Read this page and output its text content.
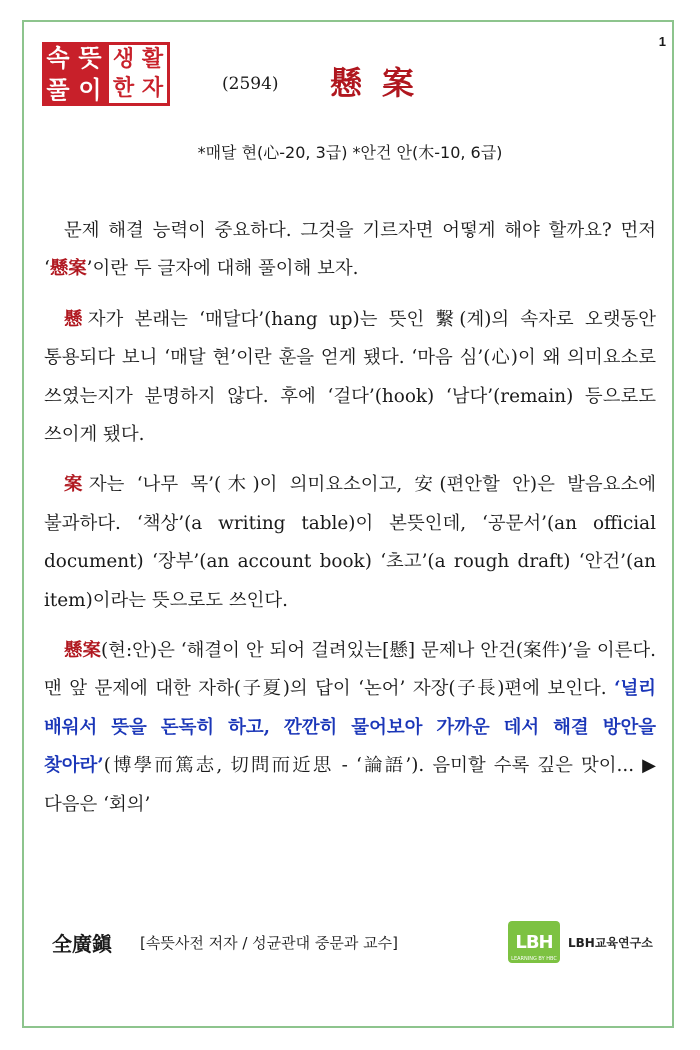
1
속 뜻
풀 이
생 활
한 자	(2594) 懸案
*매달 현(心-20, 3급) *안건 안(木-10, 6급)

문제 해결 능력이 중요하다. 그것을 기르자면 어떻게 해야 할까요? 먼저 ‘懸案’이란 두 글자에 대해 풀이해 보자.

懸자가 본래는 ‘매달다’(hang up)는 뜻인 繫(계)의 속자로 오랫동안 통용되다 보니 ‘매달 현’이란 훈을 얻게 됐다. ‘마음 심’(心)이 왜 의미요소로 쓰였는지가 분명하지 않다. 후에 ‘걸다’(hook) ‘남다’(remain) 등으로도 쓰이게 됐다.

案자는 ‘나무 목’(木)이 의미요소이고, 安(편안할 안)은 발음요소에 불과하다. ‘책상’(a writing table)이 본뜻인데, ‘공문서’(an official document) ‘장부’(an account book) ‘초고’(a rough draft) ‘안건’(an item)이라는 뜻으로도 쓰인다.

懸案(현:안)은 ‘해결이 안 되어 걸려있는[懸] 문제나 안건(案件)’을 이른다. 맨 앞 문제에 대한 자하(子夏)의 답이 ‘논어’ 자장(子長)편에 보인다. ‘널리 배워서 뜻을 돈독히 하고, 깐깐히 물어보아 가까운 데서 해결 방안을 찾아라’(博學而篤志, 切問而近思 - ‘論語’). 음미할 수록 깊은 맛이... ▶ 다음은 ‘회의’

全廣鎭 [속뜻사전 저자 / 성균관대 중문과 교수]	LBH
LEARNING BY HBC
LBH교육연구소
